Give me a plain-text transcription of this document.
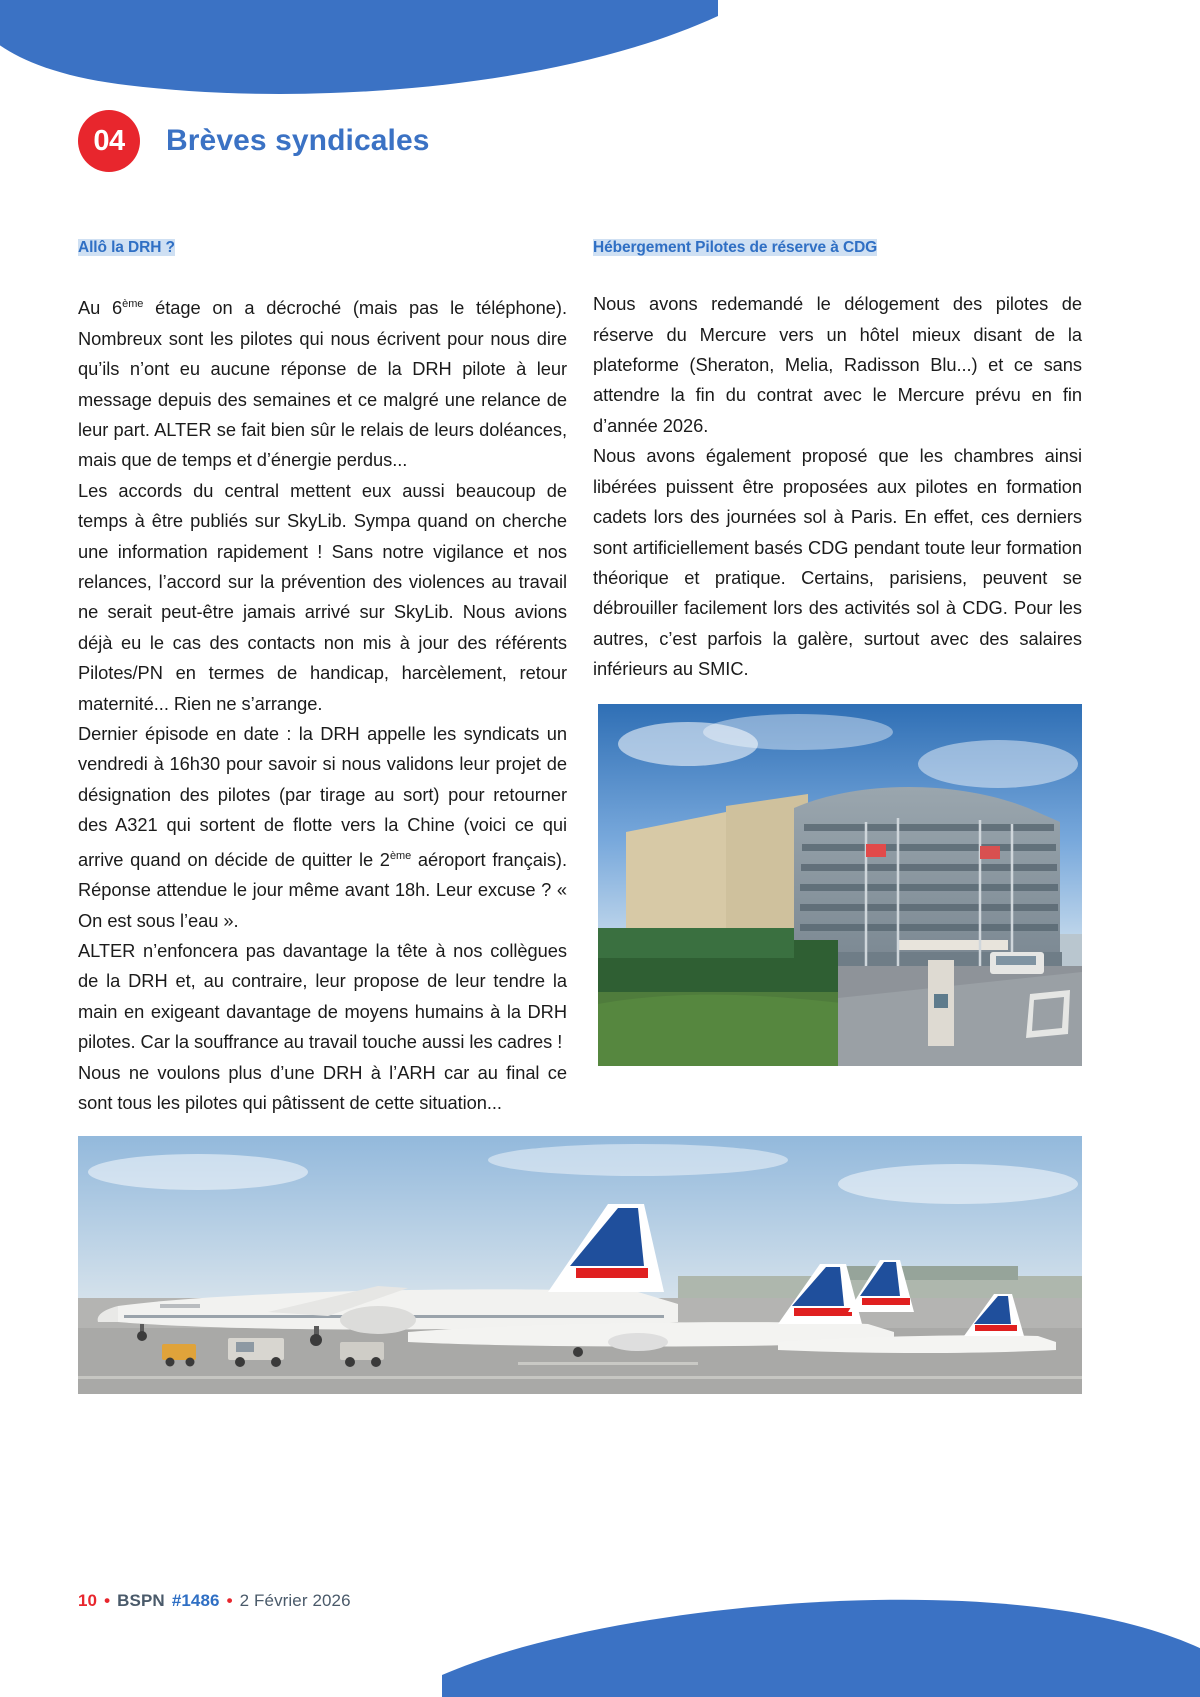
04	Brèves syndicales
Allô la DRH ?

Au 6ème étage on a décroché (mais pas le téléphone). Nombreux sont les pilotes qui nous écrivent pour nous dire qu’ils n’ont eu aucune réponse de la DRH pilote à leur message depuis des semaines et ce malgré une relance de leur part. ALTER se fait bien sûr le relais de leurs doléances, mais que de temps et d’énergie perdus...

Les accords du central mettent eux aussi beaucoup de temps à être publiés sur SkyLib. Sympa quand on cherche une information rapidement ! Sans notre vigilance et nos relances, l’accord sur la prévention des violences au travail ne serait peut-être jamais arrivé sur SkyLib. Nous avions déjà eu le cas des contacts non mis à jour des référents Pilotes/PN en termes de handicap, harcèlement, retour maternité... Rien ne s’arrange.

Dernier épisode en date : la DRH appelle les syndicats un vendredi à 16h30 pour savoir si nous validons leur projet de désignation des pilotes (par tirage au sort) pour retourner des A321 qui sortent de flotte vers la Chine (voici ce qui arrive quand on décide de quitter le 2ème aéroport français). Réponse attendue le jour même avant 18h. Leur excuse ? « On est sous l’eau ».

ALTER n’enfoncera pas davantage la tête à nos collègues de la DRH et, au contraire, leur propose de leur tendre la main en exigeant davantage de moyens humains à la DRH pilotes. Car la souffrance au travail touche aussi les cadres !

Nous ne voulons plus d’une DRH à l’ARH car au final ce sont tous les pilotes qui pâtissent de cette situation...

Hébergement Pilotes de réserve à CDG

Nous avons redemandé le délogement des pilotes de réserve du Mercure vers un hôtel mieux disant de la plateforme (Sheraton, Melia, Radisson Blu...) et ce sans attendre la fin du contrat avec le Mercure prévu en fin d’année 2026.

Nous avons également proposé que les chambres ainsi libérées puissent être proposées aux pilotes en formation cadets lors des journées sol à Paris. En effet, ces derniers sont artificiellement basés CDG pendant toute leur formation théorique et pratique. Certains, parisiens, peuvent se débrouiller facilement lors des activités sol à CDG. Pour les autres, c’est parfois la galère, surtout avec des salaires inférieurs au SMIC.

10 • BSPN #1486 • 2 Février 2026
